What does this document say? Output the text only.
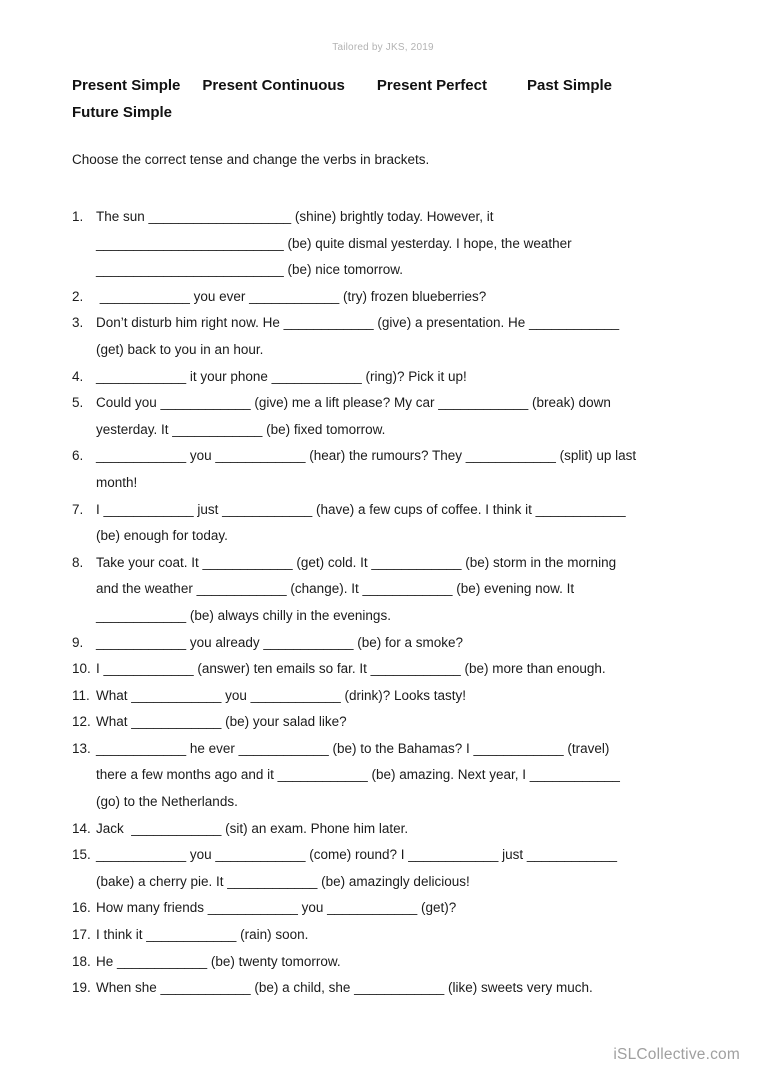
Tailored by JKS, 2019
Present Simple Present Continuous Present Perfect	Past Simple
Future Simple
Choose the correct tense and change the verbs in brackets.
1. The sun ___________________ (shine) brightly today. However, it
_________________________ (be) quite dismal yesterday. I hope, the weather
_________________________ (be) nice tomorrow.
2. ____________ you ever ____________ (try) frozen blueberries?
3. Don’t disturb him right now. He ____________ (give) a presentation. He ____________
(get) back to you in an hour.
4. ____________ it your phone ____________ (ring)? Pick it up!
5. Could you ____________ (give) me a lift please? My car ____________ (break) down
yesterday. It ____________ (be) fixed tomorrow.
6. ____________ you ____________ (hear) the rumours? They ____________ (split) up last
month!
7. I ____________ just ____________ (have) a few cups of coffee. I think it ____________
(be) enough for today.
8. Take your coat. It ____________ (get) cold. It ____________ (be) storm in the morning
and the weather ____________ (change). It ____________ (be) evening now. It
____________ (be) always chilly in the evenings.
9. ____________ you already ____________ (be) for a smoke?
10. I ____________ (answer) ten emails so far. It ____________ (be) more than enough.
11. What ____________ you ____________ (drink)? Looks tasty!
12. What ____________ (be) your salad like?
13. ____________ he ever ____________ (be) to the Bahamas? I ____________ (travel)
there a few months ago and it ____________ (be) amazing. Next year, I ____________
(go) to the Netherlands.
14. Jack  ____________ (sit) an exam. Phone him later.
15. ____________ you ____________ (come) round? I ____________ just ____________
(bake) a cherry pie. It ____________ (be) amazingly delicious!
16. How many friends ____________ you ____________ (get)?
17. I think it ____________ (rain) soon.
18. He ____________ (be) twenty tomorrow.
19. When she ____________ (be) a child, she ____________ (like) sweets very much.
iSLCollective.com
